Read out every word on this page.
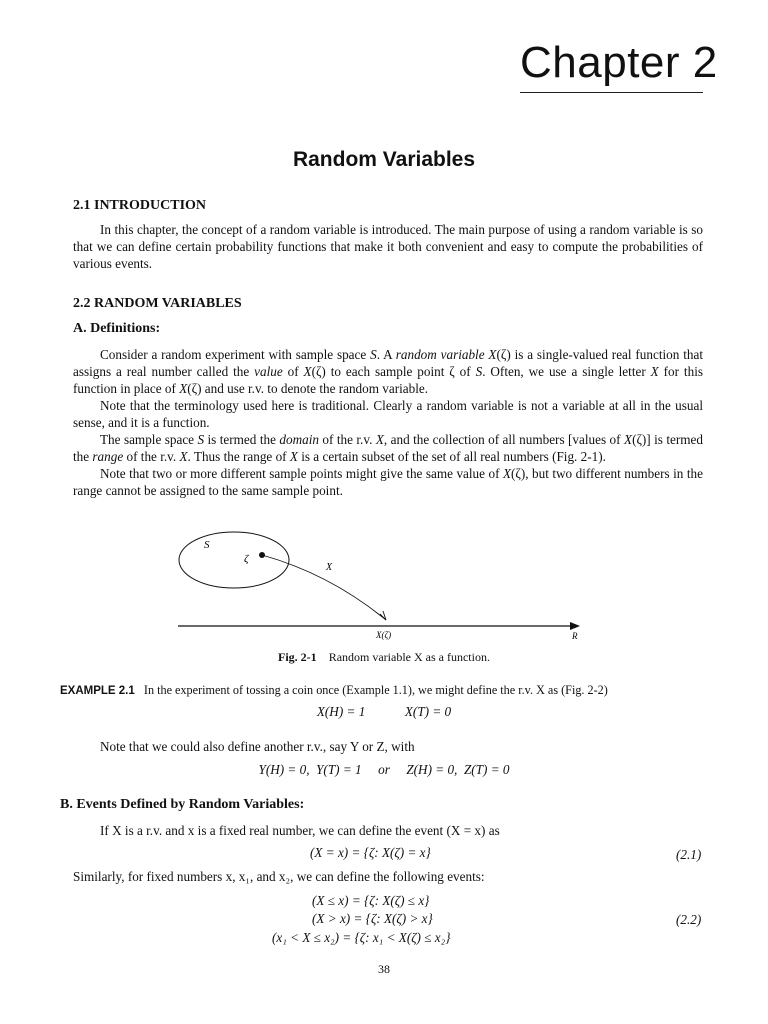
Chapter 2
Random Variables
2.1 INTRODUCTION

In this chapter, the concept of a random variable is introduced. The main purpose of using a random variable is so that we can define certain probability functions that make it both convenient and easy to compute the probabilities of various events.

2.2 RANDOM VARIABLES
A. Definitions:

Consider a random experiment with sample space S. A random variable X(ζ) is a single-valued real function that assigns a real number called the value of X(ζ) to each sample point ζ of S. Often, we use a single letter X for this function in place of X(ζ) and use r.v. to denote the random variable.

Note that the terminology used here is traditional. Clearly a random variable is not a variable at all in the usual sense, and it is a function.

The sample space S is termed the domain of the r.v. X, and the collection of all numbers [values of X(ζ)] is termed the range of the r.v. X. Thus the range of X is a certain subset of the set of all real numbers (Fig. 2-1).

Note that two or more different sample points might give the same value of X(ζ), but two different numbers in the range cannot be assigned to the same sample point.

S
ζ
X
X(ζ)	R
Fig. 2-1 Random variable X as a function.
EXAMPLE 2.1 In the experiment of tossing a coin once (Example 1.1), we might define the r.v. X as (Fig. 2-2)
X(H) = 1            X(T) = 0

Note that we could also define another r.v., say Y or Z, with

Y(H) = 0,  Y(T) = 1     or     Z(H) = 0,  Z(T) = 0
B. Events Defined by Random Variables:

If X is a r.v. and x is a fixed real number, we can define the event (X = x) as

(X = x) = {ζ: X(ζ) = x}	(2.1)
Similarly, for fixed numbers x, x₁, and x₂, we can define the following events:
(X ≤ x) = {ζ: X(ζ) ≤ x}
(X > x) = {ζ: X(ζ) > x}	(2.2)
(x₁ < X ≤ x₂) = {ζ: x₁ < X(ζ) ≤ x₂}
38
